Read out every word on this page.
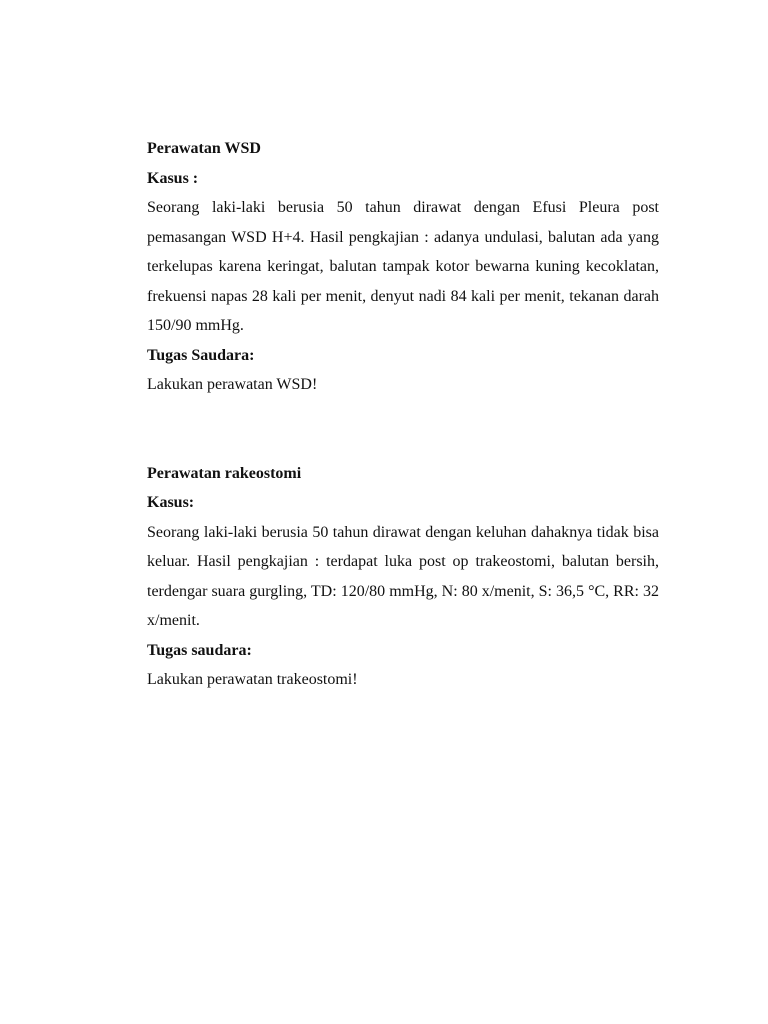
Perawatan WSD

Kasus :

Seorang laki-laki berusia 50 tahun dirawat dengan Efusi Pleura post pemasangan WSD H+4. Hasil pengkajian : adanya undulasi, balutan ada yang terkelupas karena keringat, balutan tampak kotor bewarna kuning kecoklatan, frekuensi napas 28 kali per menit, denyut nadi 84 kali per menit, tekanan darah 150/90 mmHg.

Tugas Saudara:

Lakukan perawatan WSD!

Perawatan rakeostomi

Kasus:

Seorang laki-laki berusia 50 tahun dirawat dengan keluhan dahaknya tidak bisa keluar. Hasil pengkajian : terdapat luka post op trakeostomi, balutan bersih, terdengar suara gurgling, TD: 120/80 mmHg, N: 80 x/menit, S: 36,5 °C, RR: 32 x/menit.

Tugas saudara:

Lakukan perawatan trakeostomi!
